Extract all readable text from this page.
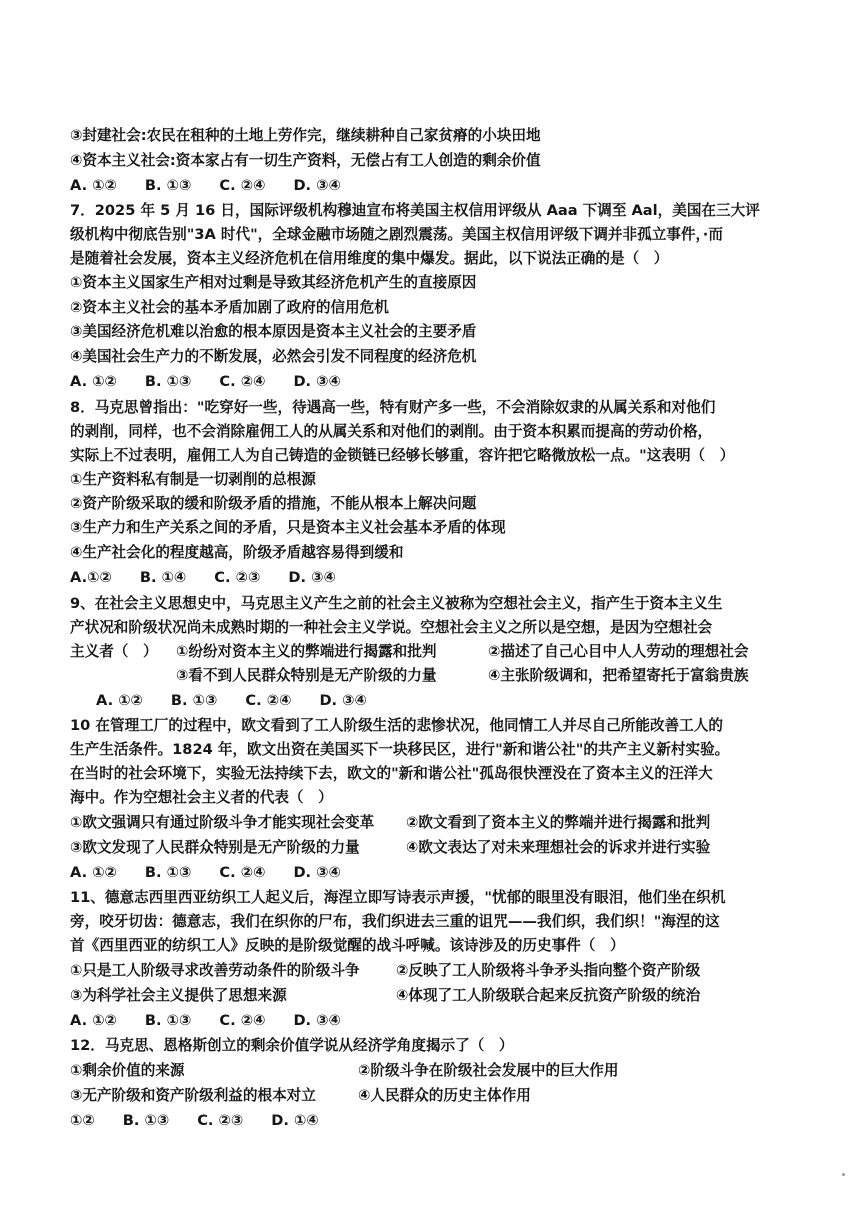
③封建社会:农民在租种的土地上劳作完，继续耕种自己家贫瘠的小块田地
④资本主义社会:资本家占有一切生产资料，无偿占有工人创造的剩余价值
A. ①② B. ①③ C. ②④ D. ③④
7．2025 年 5 月 16 日，国际评级机构穆迪宣布将美国主权信用评级从 Aaa 下调至 Aal，美国在三大评
级机构中彻底告别"3A 时代"，全球金融市场随之剧烈震荡。美国主权信用评级下调并非孤立事件，·而
是随着社会发展，资本主义经济危机在信用维度的集中爆发。据此，以下说法正确的是（　）
①资本主义国家生产相对过剩是导致其经济危机产生的直接原因
②资本主义社会的基本矛盾加剧了政府的信用危机
③美国经济危机难以治愈的根本原因是资本主义社会的主要矛盾
④美国社会生产力的不断发展，必然会引发不同程度的经济危机
A. ①② B. ①③ C. ②④ D. ③④
8．马克思曾指出："吃穿好一些，待遇高一些，特有财产多一些，不会消除奴隶的从属关系和对他们
的剥削，同样，也不会消除雇佣工人的从属关系和对他们的剥削。由于资本积累而提高的劳动价格，
实际上不过表明，雇佣工人为自己铸造的金锁链已经够长够重，容许把它略微放松一点。"这表明（　）
①生产资料私有制是一切剥削的总根源
②资产阶级采取的缓和阶级矛盾的措施，不能从根本上解决问题
③生产力和生产关系之间的矛盾，只是资本主义社会基本矛盾的体现
④生产社会化的程度越高，阶级矛盾越容易得到缓和
A.①② B. ①④ C. ②③ D. ③④
9、在社会主义思想史中，马克思主义产生之前的社会主义被称为空想社会主义，指产生于资本主义生
产状况和阶级状况尚未成熟时期的一种社会主义学说。空想社会主义之所以是空想，是因为空想社会
主义者（　）	①纷纷对资本主义的弊端进行揭露和批判	②描述了自己心目中人人劳动的理想社会
③看不到人民群众特别是无产阶级的力量	④主张阶级调和，把希望寄托于富翁贵族
A. ①② B. ①③ C. ②④ D. ③④
10 在管理工厂的过程中，欧文看到了工人阶级生活的悲惨状况，他同情工人并尽自己所能改善工人的
生产生活条件。1824 年，欧文出资在美国买下一块移民区，进行"新和谐公社"的共产主义新村实验。
在当时的社会环境下，实验无法持续下去，欧文的"新和谐公社"孤岛很快湮没在了资本主义的汪洋大
海中。作为空想社会主义者的代表（　）
①欧文强调只有通过阶级斗争才能实现社会变革	②欧文看到了资本主义的弊端并进行揭露和批判
③欧文发现了人民群众特别是无产阶级的力量	④欧文表达了对未来理想社会的诉求并进行实验
A. ①② B. ①③ C. ②④ D. ③④
11、德意志西里西亚纺织工人起义后，海涅立即写诗表示声援，"忧郁的眼里没有眼泪，他们坐在织机
旁，咬牙切齿：德意志，我们在织你的尸布，我们织进去三重的诅咒——我们织，我们织！"海涅的这
首《西里西亚的纺织工人》反映的是阶级觉醒的战斗呼喊。该诗涉及的历史事件（　）
①只是工人阶级寻求改善劳动条件的阶级斗争	②反映了工人阶级将斗争矛头指向整个资产阶级
③为科学社会主义提供了思想来源	④体现了工人阶级联合起来反抗资产阶级的统治
A. ①② B. ①③ C. ②④ D. ③④
12．马克思、恩格斯创立的剩余价值学说从经济学角度揭示了（　）
①剩余价值的来源	②阶级斗争在阶级社会发展中的巨大作用
③无产阶级和资产阶级利益的根本对立	④人民群众的历史主体作用
①② B. ①③ C. ②③ D. ①④
